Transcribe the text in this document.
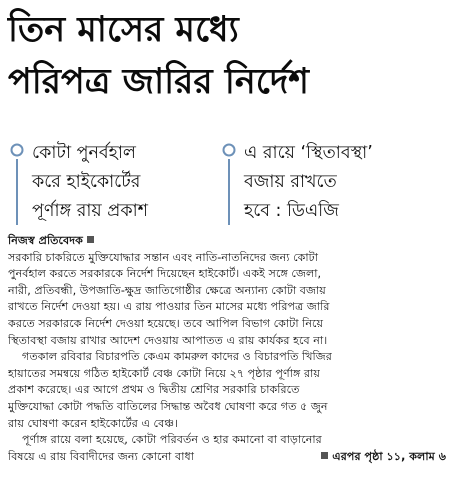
তিন মাসের মধ্যে
পরিপত্র জারির নির্দেশ
কোটা পুনর্বহাল
করে হাইকোর্টের
পূর্ণাঙ্গ রায় প্রকাশ
এ রায়ে ‘স্থিতাবস্থা’
বজায় রাখতে
হবে : ডিএজি
নিজস্ব প্রতিবেদক
সরকারি চাকরিতে মুক্তিযোদ্ধার সন্তান এবং নাতি-নাতনিদের জন্য কোটা
পুনর্বহাল করতে সরকারকে নির্দেশ দিয়েছেন হাইকোর্ট। একই সঙ্গে জেলা,
নারী, প্রতিবন্ধী, উপজাতি-ক্ষুদ্র জাতিগোষ্ঠীর ক্ষেত্রে অন্যান্য কোটা বজায়
রাখতে নির্দেশ দেওয়া হয়। এ রায় পাওয়ার তিন মাসের মধ্যে পরিপত্র জারি
করতে সরকারকে নির্দেশ দেওয়া হয়েছে। তবে আপিল বিভাগ কোটা নিয়ে
স্থিতাবস্থা বজায় রাখার আদেশ দেওয়ায় আপাতত এ রায় কার্যকর হবে না।
গতকাল রবিবার বিচারপতি কেএম কামরুল কাদের ও বিচারপতি খিজির
হায়াতের সমন্বয়ে গঠিত হাইকোর্ট বেঞ্চ কোটা নিয়ে ২৭ পৃষ্ঠার পূর্ণাঙ্গ রায়
প্রকাশ করেছে। এর আগে প্রথম ও দ্বিতীয় শ্রেণির সরকারি চাকরিতে
মুক্তিযোদ্ধা কোটা পদ্ধতি বাতিলের সিদ্ধান্ত অবৈধ ঘোষণা করে গত ৫ জুন
রায় ঘোষণা করেন হাইকোর্টের এ বেঞ্চ।
পূর্ণাঙ্গ রায়ে বলা হয়েছে, কোটা পরিবর্তন ও হার কমানো বা বাড়ানোর
বিষয়ে এ রায় বিবাদীদের জন্য কোনো বাধা	এরপর পৃষ্ঠা ১১, কলাম ৬
